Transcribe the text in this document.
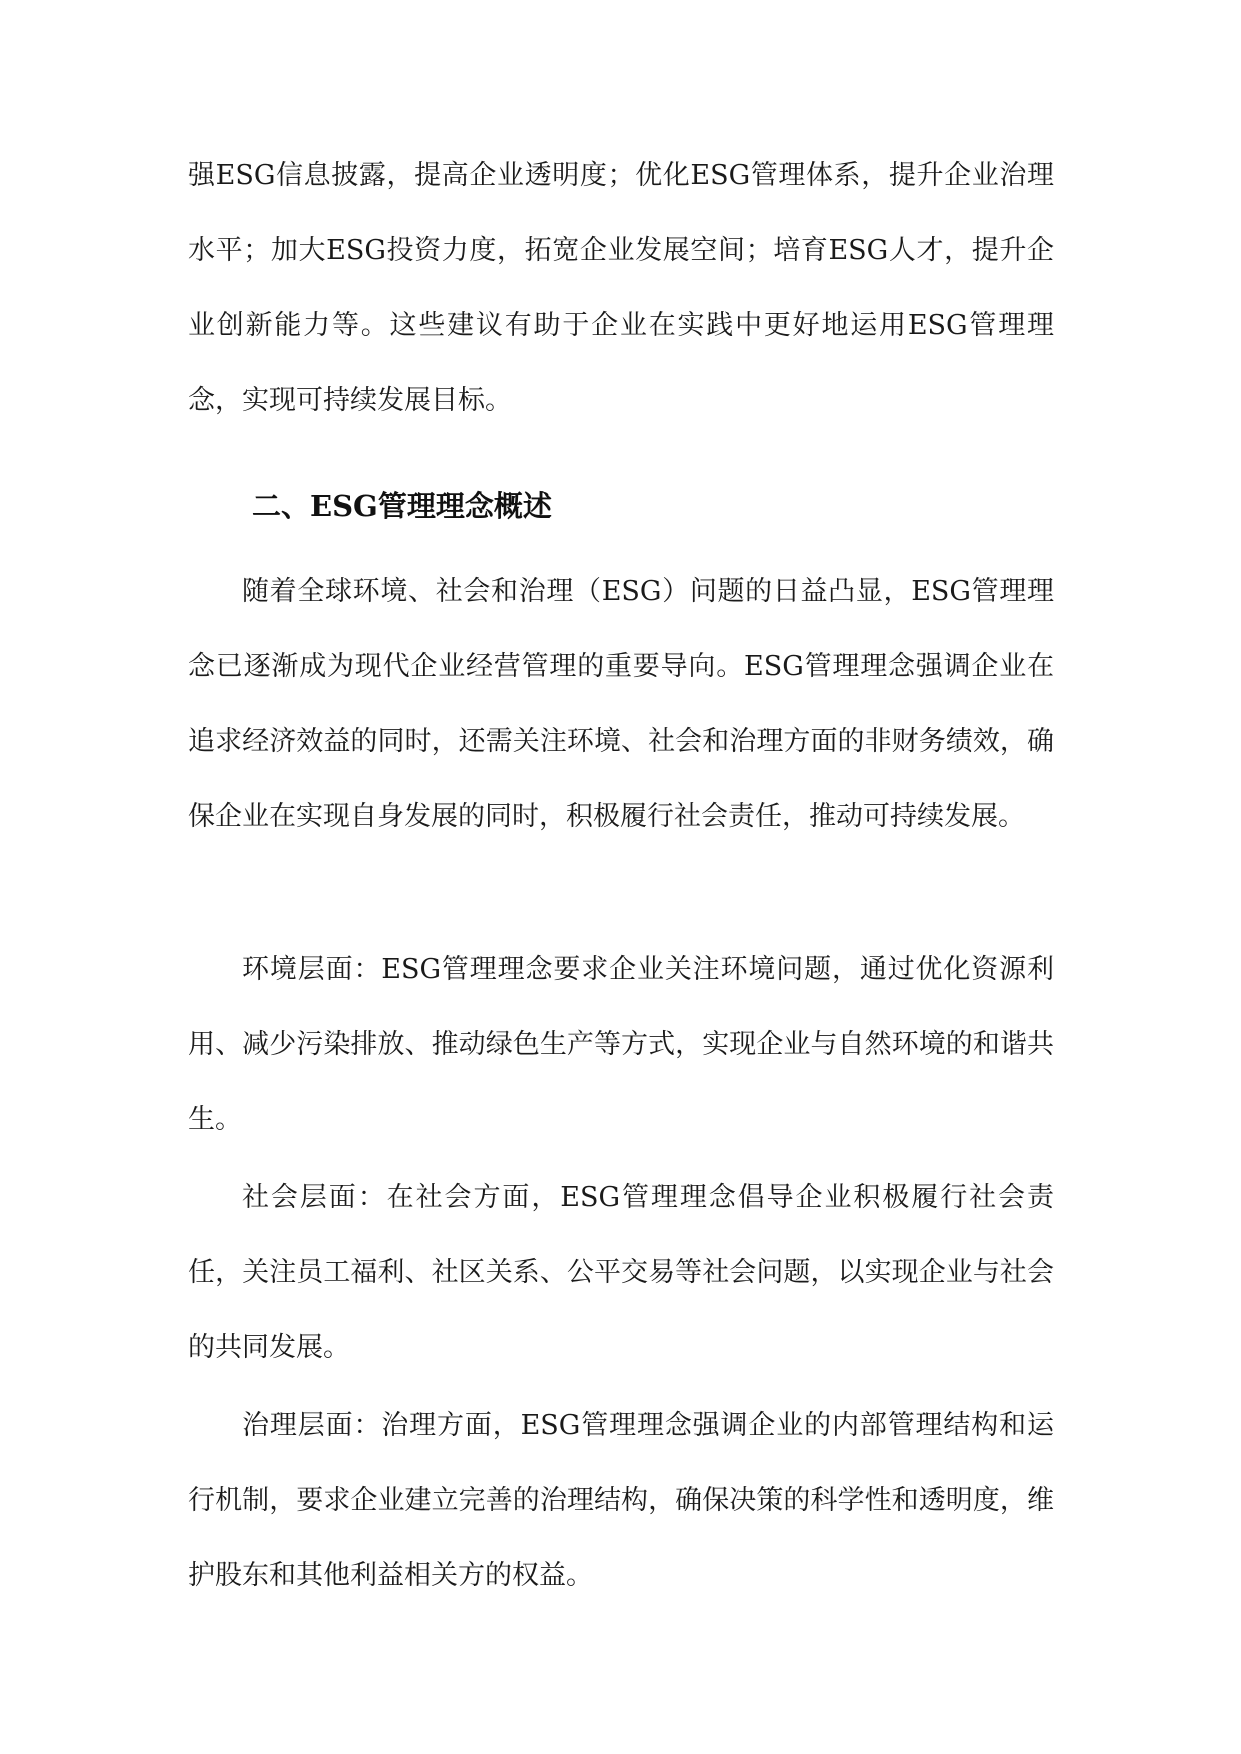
强ESG信息披露，提高企业透明度；优化ESG管理体系，提升企业治理水平；加大ESG投资力度，拓宽企业发展空间；培育ESG人才，提升企业创新能力等。这些建议有助于企业在实践中更好地运用ESG管理理念，实现可持续发展目标。

二、ESG管理理念概述

随着全球环境、社会和治理（ESG）问题的日益凸显，ESG管理理念已逐渐成为现代企业经营管理的重要导向。ESG管理理念强调企业在追求经济效益的同时，还需关注环境、社会和治理方面的非财务绩效，确保企业在实现自身发展的同时，积极履行社会责任，推动可持续发展。

环境层面：ESG管理理念要求企业关注环境问题，通过优化资源利用、减少污染排放、推动绿色生产等方式，实现企业与自然环境的和谐共生。

社会层面：在社会方面，ESG管理理念倡导企业积极履行社会责任，关注员工福利、社区关系、公平交易等社会问题，以实现企业与社会的共同发展。

治理层面：治理方面，ESG管理理念强调企业的内部管理结构和运行机制，要求企业建立完善的治理结构，确保决策的科学性和透明度，维护股东和其他利益相关方的权益。
